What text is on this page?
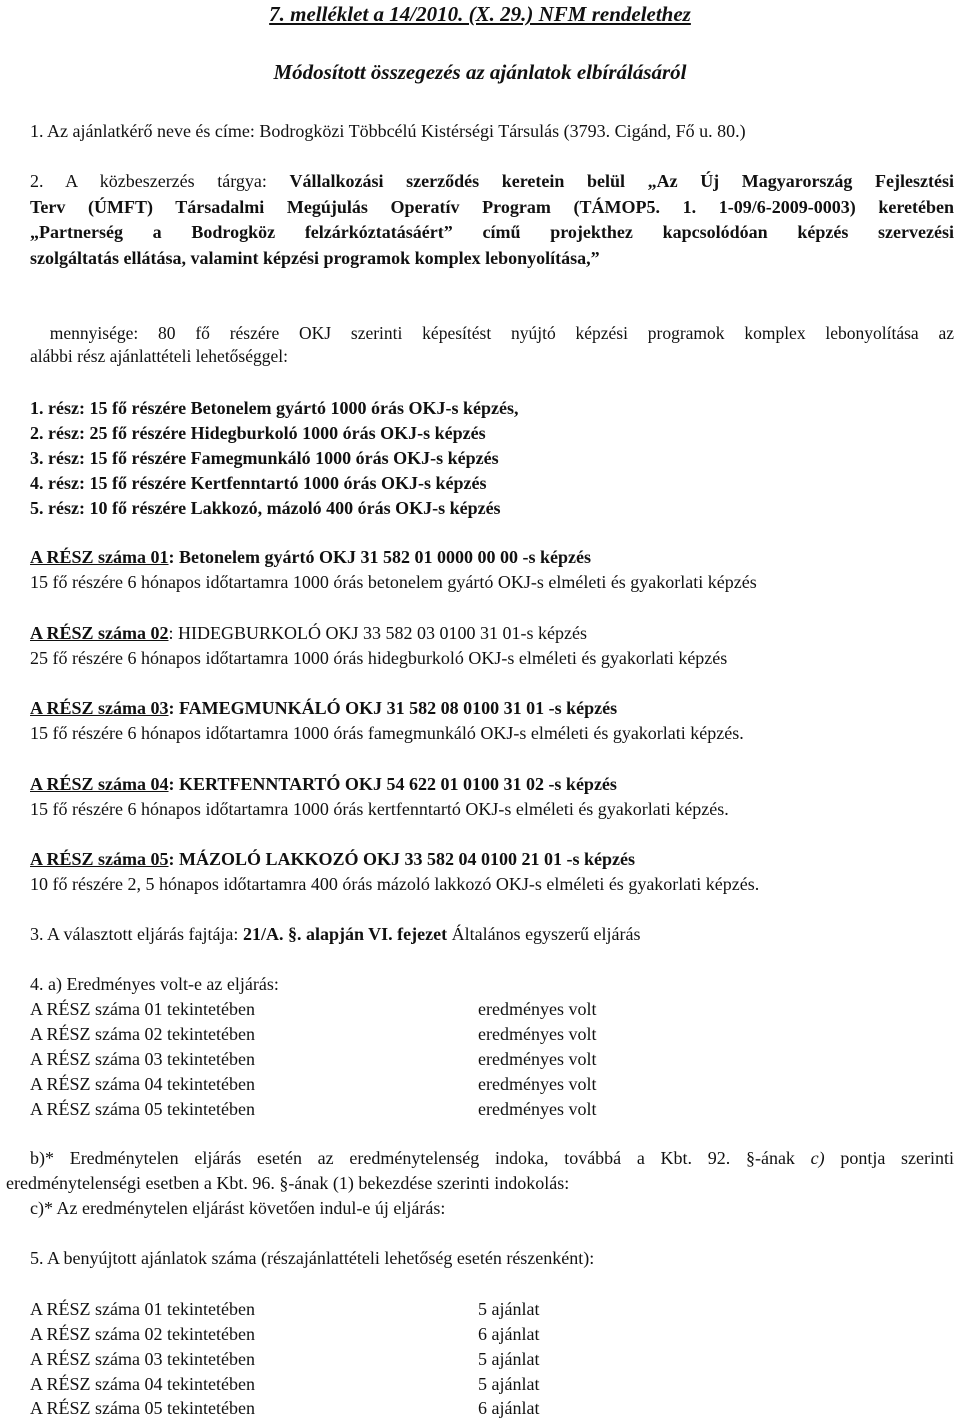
7. melléklet a 14/2010. (X. 29.) NFM rendelethez
Módosított összegezés az ajánlatok elbírálásáról
1. Az ajánlatkérő neve és címe: Bodrogközi Többcélú Kistérségi Társulás (3793. Cigánd, Fő u. 80.)
2. A közbeszerzés tárgya: Vállalkozási szerződés keretein belül „Az Új Magyarország Fejlesztési
Terv (ÚMFT) Társadalmi Megújulás Operatív Program (TÁMOP5. 1. 1-09/6-2009-0003) keretében
„Partnerség a Bodrogköz felzárkóztatásáért” című projekthez kapcsolódóan képzés szervezési
szolgáltatás ellátása, valamint képzési programok komplex lebonyolítása,”
mennyisége: 80 fő részére OKJ szerinti képesítést nyújtó képzési programok komplex lebonyolítása az
alábbi rész ajánlattételi lehetőséggel:
1. rész: 15 fő részére Betonelem gyártó 1000 órás OKJ-s képzés,
2. rész: 25 fő részére Hidegburkoló 1000 órás OKJ-s képzés
3. rész: 15 fő részére Famegmunkáló 1000 órás OKJ-s képzés
4. rész: 15 fő részére Kertfenntartó 1000 órás OKJ-s képzés
5. rész: 10 fő részére Lakkozó, mázoló 400 órás OKJ-s képzés
A RÉSZ száma 01: Betonelem gyártó OKJ 31 582 01 0000 00 00 -s képzés
15 fő részére 6 hónapos időtartamra 1000 órás betonelem gyártó OKJ-s elméleti és gyakorlati képzés
A RÉSZ száma 02: HIDEGBURKOLÓ OKJ 33 582 03 0100 31 01-s képzés
25 fő részére 6 hónapos időtartamra 1000 órás hidegburkoló OKJ-s elméleti és gyakorlati képzés
A RÉSZ száma 03: FAMEGMUNKÁLÓ OKJ 31 582 08 0100 31 01 -s képzés
15 fő részére 6 hónapos időtartamra 1000 órás famegmunkáló OKJ-s elméleti és gyakorlati képzés.
A RÉSZ száma 04: KERTFENNTARTÓ OKJ 54 622 01 0100 31 02 -s képzés
15 fő részére 6 hónapos időtartamra 1000 órás kertfenntartó OKJ-s elméleti és gyakorlati képzés.
A RÉSZ száma 05: MÁZOLÓ LAKKOZÓ OKJ 33 582 04 0100 21 01 -s képzés
10 fő részére 2, 5 hónapos időtartamra 400 órás mázoló lakkozó OKJ-s elméleti és gyakorlati képzés.
3. A választott eljárás fajtája: 21/A. §. alapján VI. fejezet Általános egyszerű eljárás
4. a) Eredményes volt-e az eljárás:
A RÉSZ száma 01 tekintetében	eredményes volt
A RÉSZ száma 02 tekintetében	eredményes volt
A RÉSZ száma 03 tekintetében	eredményes volt
A RÉSZ száma 04 tekintetében	eredményes volt
A RÉSZ száma 05 tekintetében	eredményes volt
b)* Eredménytelen eljárás esetén az eredménytelenség indoka, továbbá a Kbt. 92. §-ának c) pontja szerinti
eredménytelenségi esetben a Kbt. 96. §-ának (1) bekezdése szerinti indokolás:
c)* Az eredménytelen eljárást követően indul-e új eljárás:
5. A benyújtott ajánlatok száma (részajánlattételi lehetőség esetén részenként):
A RÉSZ száma 01 tekintetében	5 ajánlat
A RÉSZ száma 02 tekintetében	6 ajánlat
A RÉSZ száma 03 tekintetében	5 ajánlat
A RÉSZ száma 04 tekintetében	5 ajánlat
A RÉSZ száma 05 tekintetében	6 ajánlat
